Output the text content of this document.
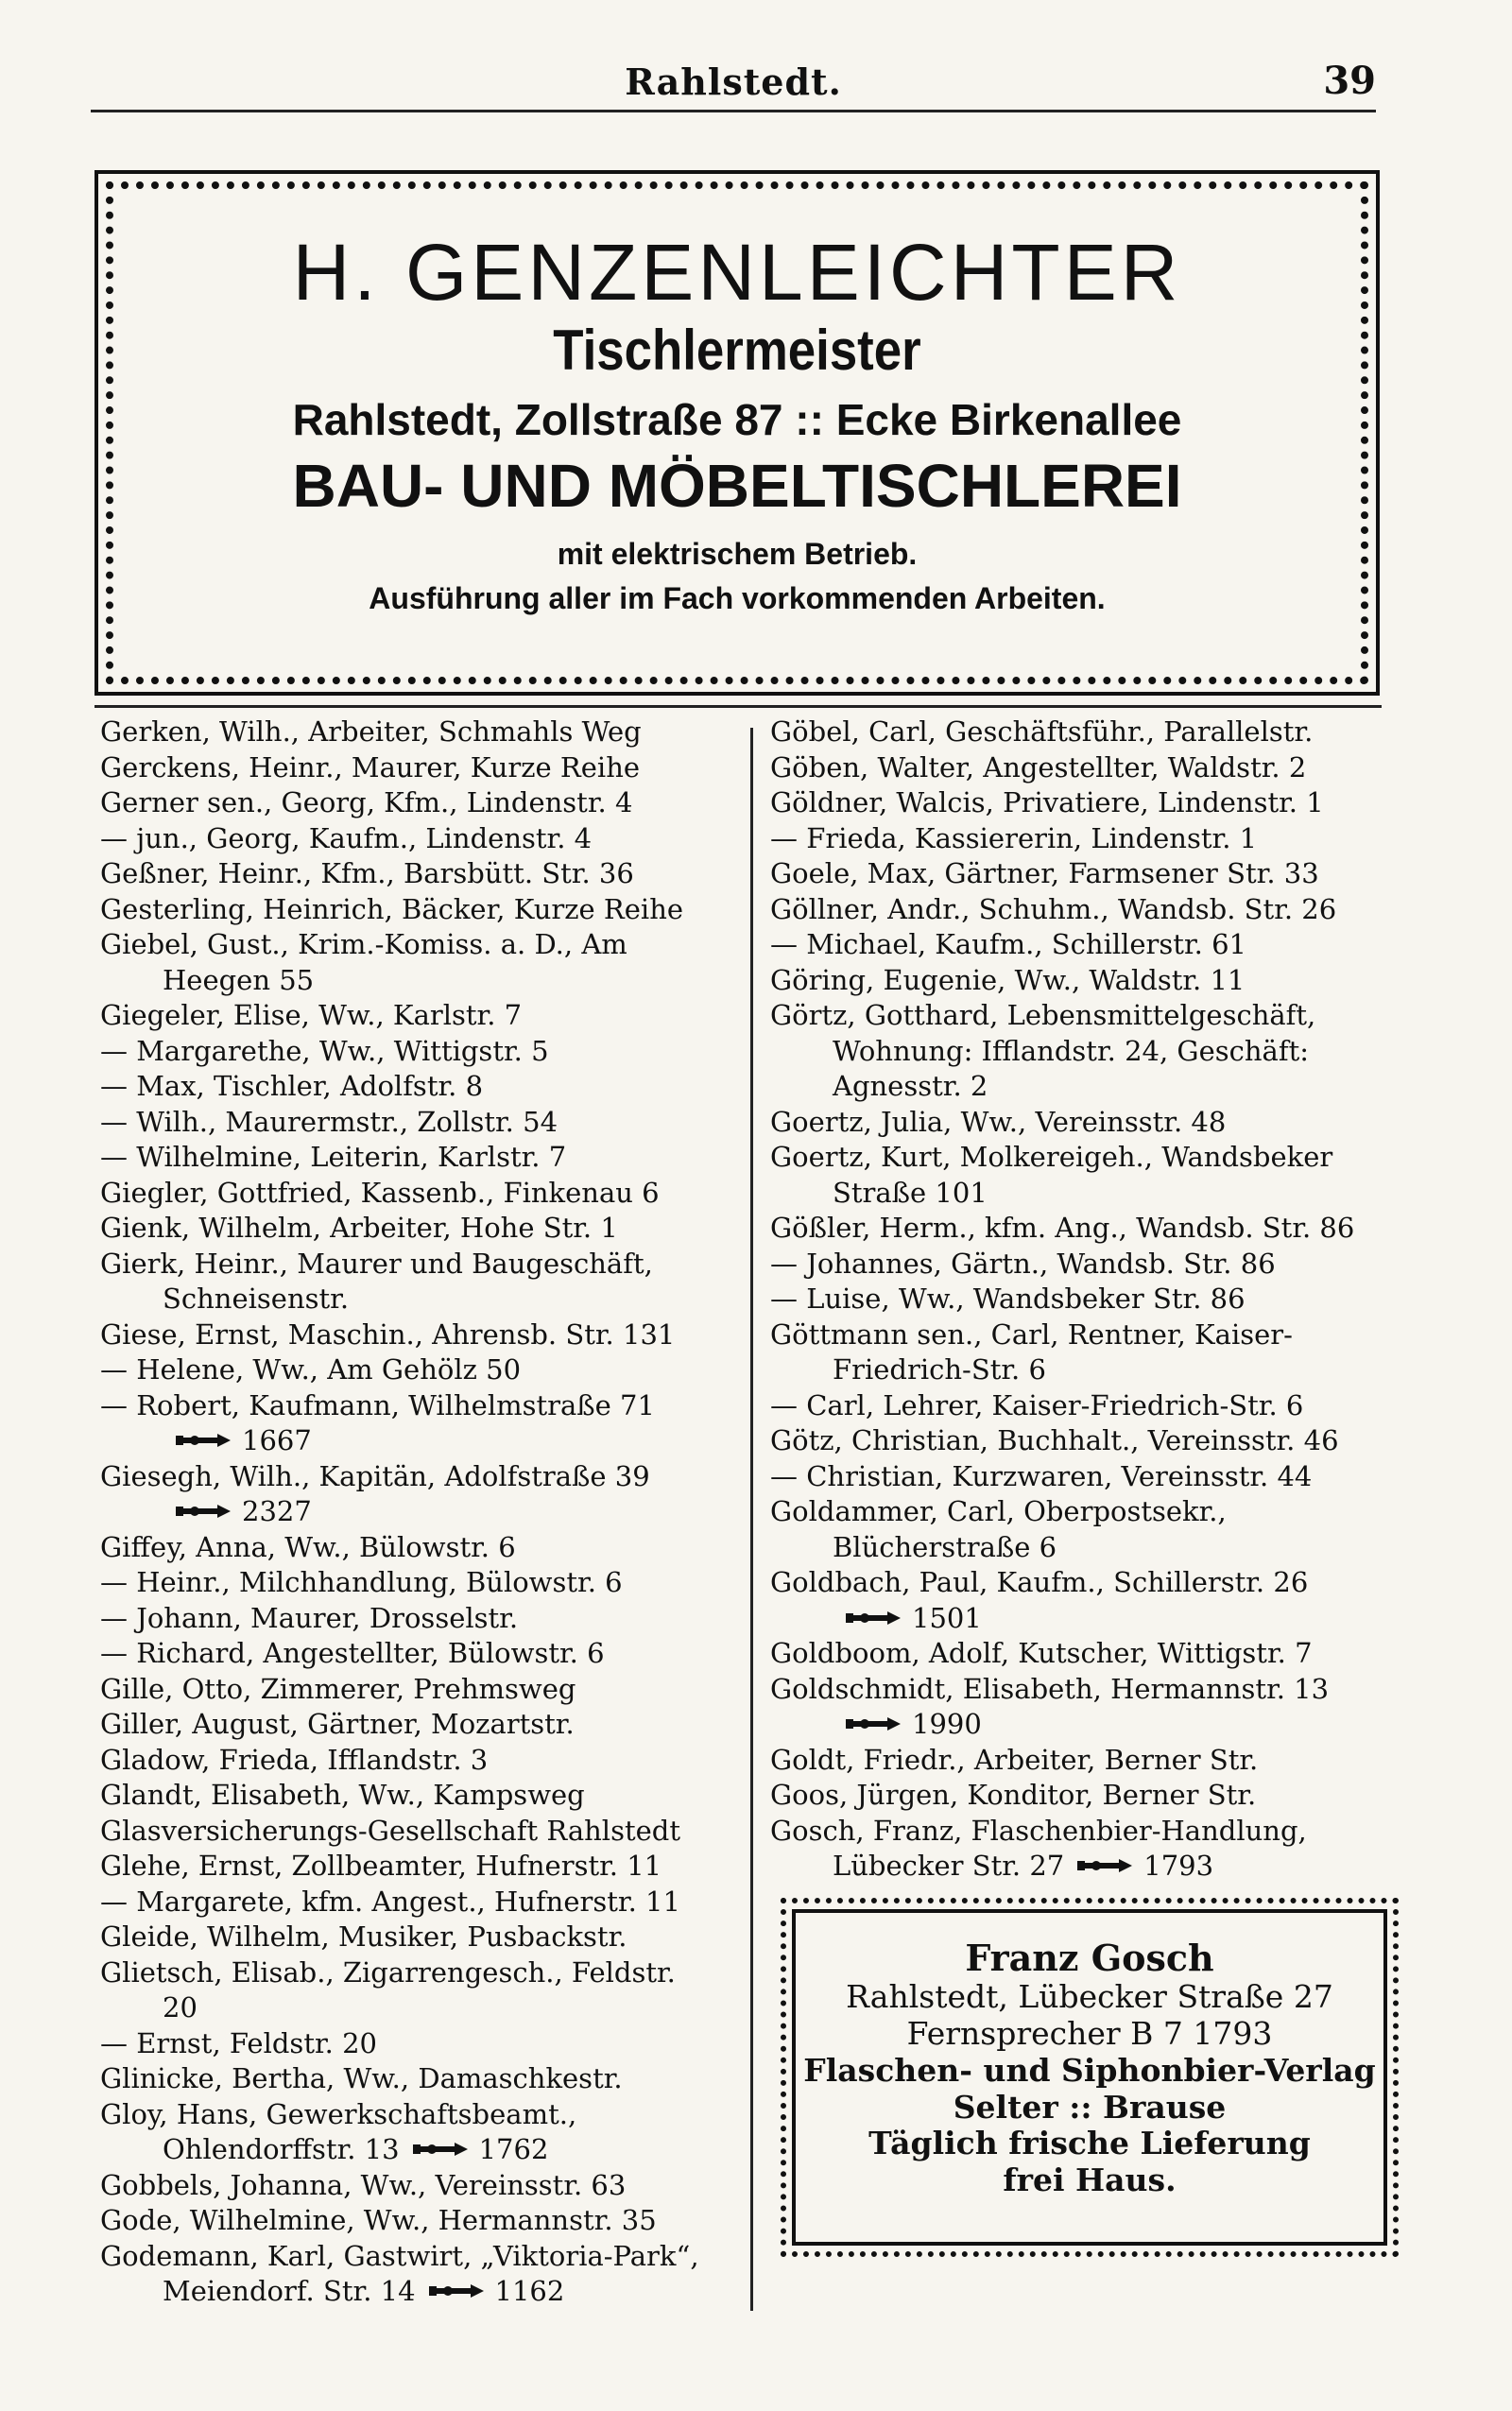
Rahlstedt.	39
H. GENZENLEICHTER
Tischlermeister
Rahlstedt, Zollstraße 87 :: Ecke Birkenallee
BAU- UND MÖBELTISCHLEREI
mit elektrischem Betrieb.
Ausführung aller im Fach vorkommenden Arbeiten.
Gerken, Wilh., Arbeiter, Schmahls Weg
Gerckens, Heinr., Maurer, Kurze Reihe
Gerner sen., Georg, Kfm., Lindenstr. 4
— jun., Georg, Kaufm., Lindenstr. 4
Geßner, Heinr., Kfm., Barsbütt. Str. 36
Gesterling, Heinrich, Bäcker, Kurze Reihe
Giebel, Gust., Krim.-Komiss. a. D., Am Heegen 55
Giegeler, Elise, Ww., Karlstr. 7
— Margarethe, Ww., Wittigstr. 5
— Max, Tischler, Adolfstr. 8
— Wilh., Maurermstr., Zollstr. 54
— Wilhelmine, Leiterin, Karlstr. 7
Giegler, Gottfried, Kassenb., Finkenau 6
Gienk, Wilhelm, Arbeiter, Hohe Str. 1
Gierk, Heinr., Maurer und Baugeschäft, Schneisenstr.
Giese, Ernst, Maschin., Ahrensb. Str. 131
— Helene, Ww., Am Gehölz 50
— Robert, Kaufmann, Wilhelmstraße 71

1667
Giesegh, Wilh., Kapitän, Adolfstraße 39

2327
Giffey, Anna, Ww., Bülowstr. 6
— Heinr., Milchhandlung, Bülowstr. 6
— Johann, Maurer, Drosselstr.
— Richard, Angestellter, Bülowstr. 6
Gille, Otto, Zimmerer, Prehmsweg
Giller, August, Gärtner, Mozartstr.
Gladow, Frieda, Ifflandstr. 3
Glandt, Elisabeth, Ww., Kampsweg
Glasversicherungs-Gesellschaft Rahlstedt
Glehe, Ernst, Zollbeamter, Hufnerstr. 11
— Margarete, kfm. Angest., Hufnerstr. 11
Gleide, Wilhelm, Musiker, Pusbackstr.
Glietsch, Elisab., Zigarrengesch., Feldstr. 20
— Ernst, Feldstr. 20
Glinicke, Bertha, Ww., Damaschkestr.
Gloy, Hans, Gewerkschaftsbeamt., Ohlendorffstr. 13	1762
Gobbels, Johanna, Ww., Vereinsstr. 63
Gode, Wilhelmine, Ww., Hermannstr. 35
Godemann, Karl, Gastwirt, „Viktoria-Park“, Meiendorf. Str. 14	1162
Göbel, Carl, Geschäftsführ., Parallelstr.
Göben, Walter, Angestellter, Waldstr. 2
Göldner, Walcis, Privatiere, Lindenstr. 1
— Frieda, Kassiererin, Lindenstr. 1
Goele, Max, Gärtner, Farmsener Str. 33
Göllner, Andr., Schuhm., Wandsb. Str. 26
— Michael, Kaufm., Schillerstr. 61
Göring, Eugenie, Ww., Waldstr. 11
Görtz, Gotthard, Lebensmittelgeschäft, Wohnung: Ifflandstr. 24, Geschäft: Agnesstr. 2
Goertz, Julia, Ww., Vereinsstr. 48
Goertz, Kurt, Molkereigeh., Wandsbeker Straße 101
Gößler, Herm., kfm. Ang., Wandsb. Str. 86
— Johannes, Gärtn., Wandsb. Str. 86
— Luise, Ww., Wandsbeker Str. 86
Göttmann sen., Carl, Rentner, Kaiser-Friedrich-Str. 6
— Carl, Lehrer, Kaiser-Friedrich-Str. 6
Götz, Christian, Buchhalt., Vereinsstr. 46
— Christian, Kurzwaren, Vereinsstr. 44
Goldammer, Carl, Oberpostsekr., Blücherstraße 6
Goldbach, Paul, Kaufm., Schillerstr. 26

1501
Goldboom, Adolf, Kutscher, Wittigstr. 7
Goldschmidt, Elisabeth, Hermannstr. 13

1990
Goldt, Friedr., Arbeiter, Berner Str.
Goos, Jürgen, Konditor, Berner Str.
Gosch, Franz, Flaschenbier-Handlung, Lübecker Str. 27	1793
Franz Gosch
Rahlstedt, Lübecker Straße 27
Fernsprecher B 7 1793
Flaschen- und Siphonbier-Verlag
Selter :: Brause
Täglich frische Lieferung
frei Haus.
